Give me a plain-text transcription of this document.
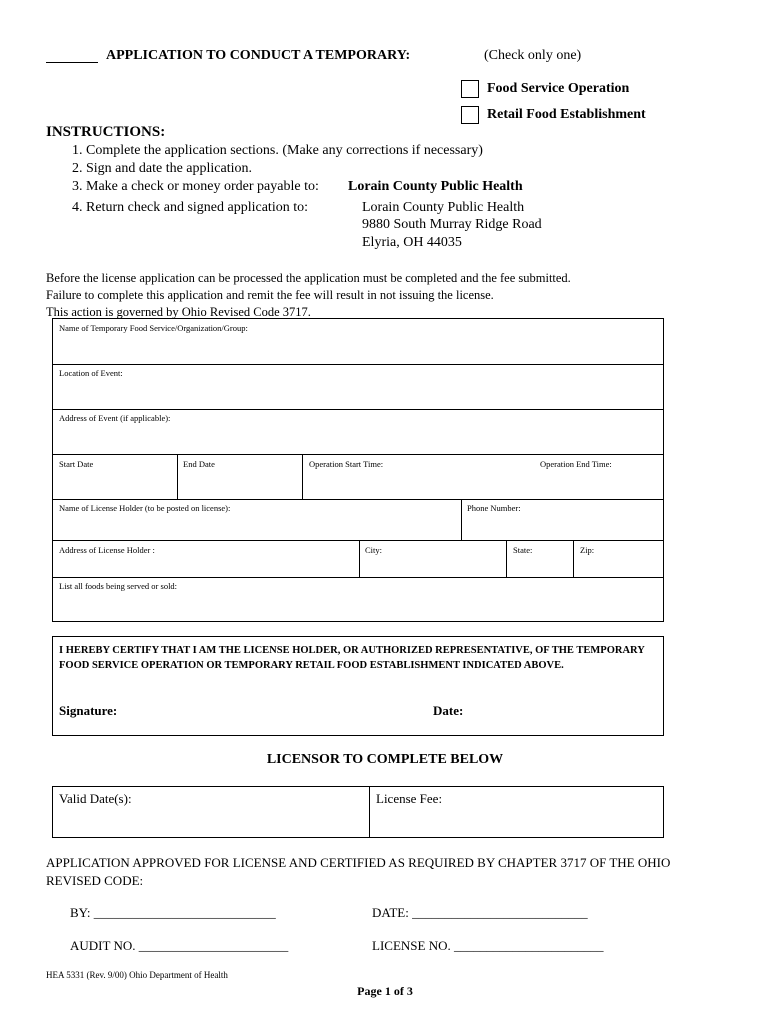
APPLICATION TO CONDUCT A TEMPORARY:	(Check only one)
Food Service Operation
Retail Food Establishment
INSTRUCTIONS:
1. Complete the application sections. (Make any corrections if necessary)
2. Sign and date the application.
3. Make a check or money order payable to: Lorain County Public Health
4. Return check and signed application to:	Lorain County Public Health
9880 South Murray Ridge Road
Elyria, OH 44035
Before the license application can be processed the application must be completed and the fee submitted.
Failure to complete this application and remit the fee will result in not issuing the license.
This action is governed by Ohio Revised Code 3717.
Name of Temporary Food Service/Organization/Group:
Location of Event:
Address of Event (if applicable):
Start Date	End Date	Operation Start Time:	Operation End Time:
Name of License Holder (to be posted on license):	Phone Number:
Address of License Holder :	City:	State:	Zip:
List all foods being served or sold:
I HEREBY CERTIFY THAT I AM THE LICENSE HOLDER, OR AUTHORIZED REPRESENTATIVE, OF THE TEMPORARY FOOD SERVICE OPERATION OR TEMPORARY RETAIL FOOD ESTABLISHMENT INDICATED ABOVE.
Signature:	Date:
LICENSOR TO COMPLETE BELOW
Valid Date(s):	License Fee:
APPLICATION APPROVED FOR LICENSE AND CERTIFIED AS REQUIRED BY CHAPTER 3717 OF THE OHIO REVISED CODE:
BY: ____________________________	DATE: ___________________________
AUDIT NO. _______________________	LICENSE NO. _______________________
HEA 5331 (Rev. 9/00) Ohio Department of Health
Page 1 of 3
